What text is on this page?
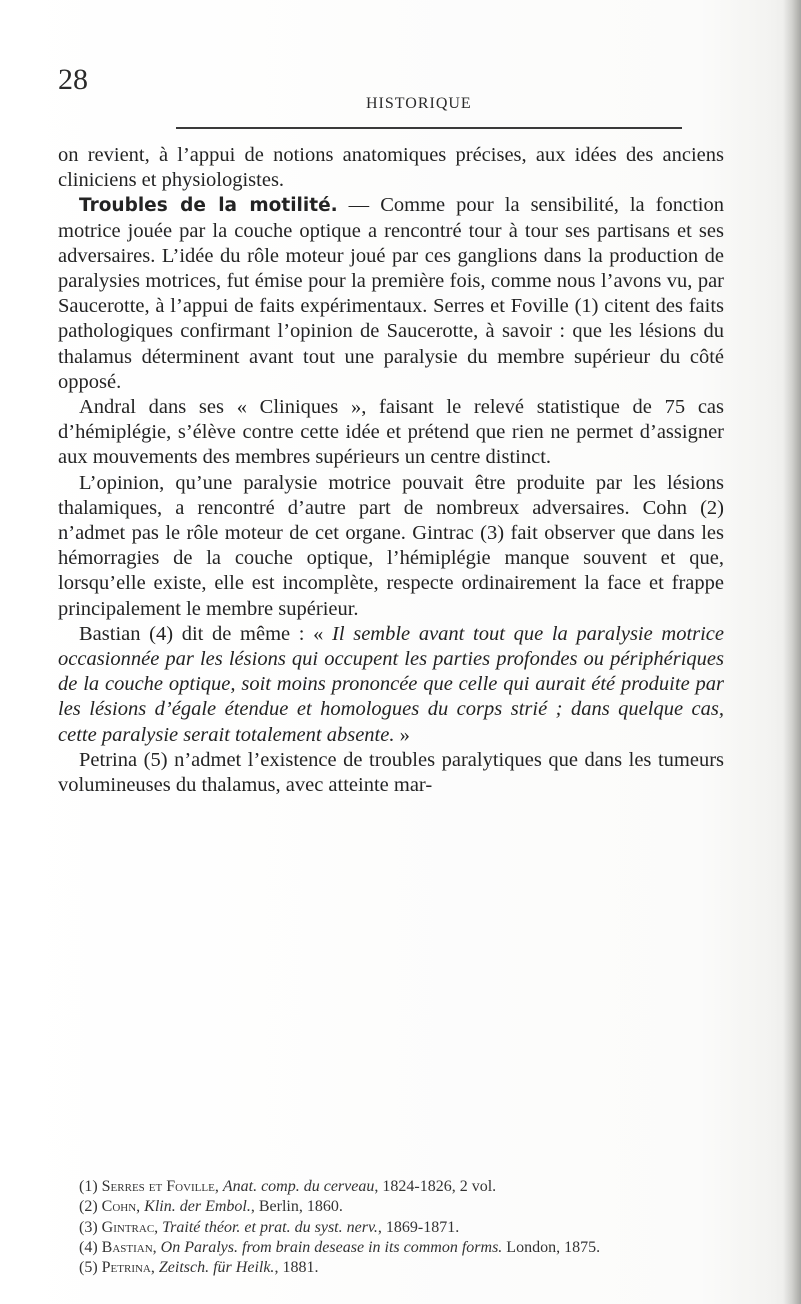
28
HISTORIQUE

on revient, à l’appui de notions anatomiques précises, aux idées des anciens cliniciens et physiologistes.

Troubles de la motilité. — Comme pour la sensibilité, la fonction motrice jouée par la couche optique a rencontré tour à tour ses partisans et ses adversaires. L’idée du rôle moteur joué par ces ganglions dans la production de paralysies motrices, fut émise pour la première fois, comme nous l’avons vu, par Saucerotte, à l’appui de faits expérimentaux. Serres et Foville (1) citent des faits pathologiques confirmant l’opinion de Saucerotte, à savoir : que les lésions du thalamus déterminent avant tout une paralysie du membre supérieur du côté opposé.

Andral dans ses « Cliniques », faisant le relevé statistique de 75 cas d’hémiplégie, s’élève contre cette idée et prétend que rien ne permet d’assigner aux mouvements des membres supérieurs un centre distinct.

L’opinion, qu’une paralysie motrice pouvait être produite par les lésions thalamiques, a rencontré d’autre part de nombreux adversaires. Cohn (2) n’admet pas le rôle moteur de cet organe. Gintrac (3) fait observer que dans les hémorragies de la couche optique, l’hémiplégie manque souvent et que, lorsqu’elle existe, elle est incomplète, respecte ordinairement la face et frappe principalement le membre supérieur.

Bastian (4) dit de même : « Il semble avant tout que la paralysie motrice occasionnée par les lésions qui occupent les parties profondes ou périphériques de la couche optique, soit moins prononcée que celle qui aurait été produite par les lésions d’égale étendue et homologues du corps strié ; dans quelque cas, cette paralysie serait totalement absente. »

Petrina (5) n’admet l’existence de troubles paralytiques que dans les tumeurs volumineuses du thalamus, avec atteinte mar-

(1) Serres et Foville, Anat. comp. du cerveau, 1824-1826, 2 vol.

(2) Cohn, Klin. der Embol., Berlin, 1860.

(3) Gintrac, Traité théor. et prat. du syst. nerv., 1869-1871.

(4) Bastian, On Paralys. from brain desease in its common forms. London, 1875.

(5) Petrina, Zeitsch. für Heilk., 1881.
